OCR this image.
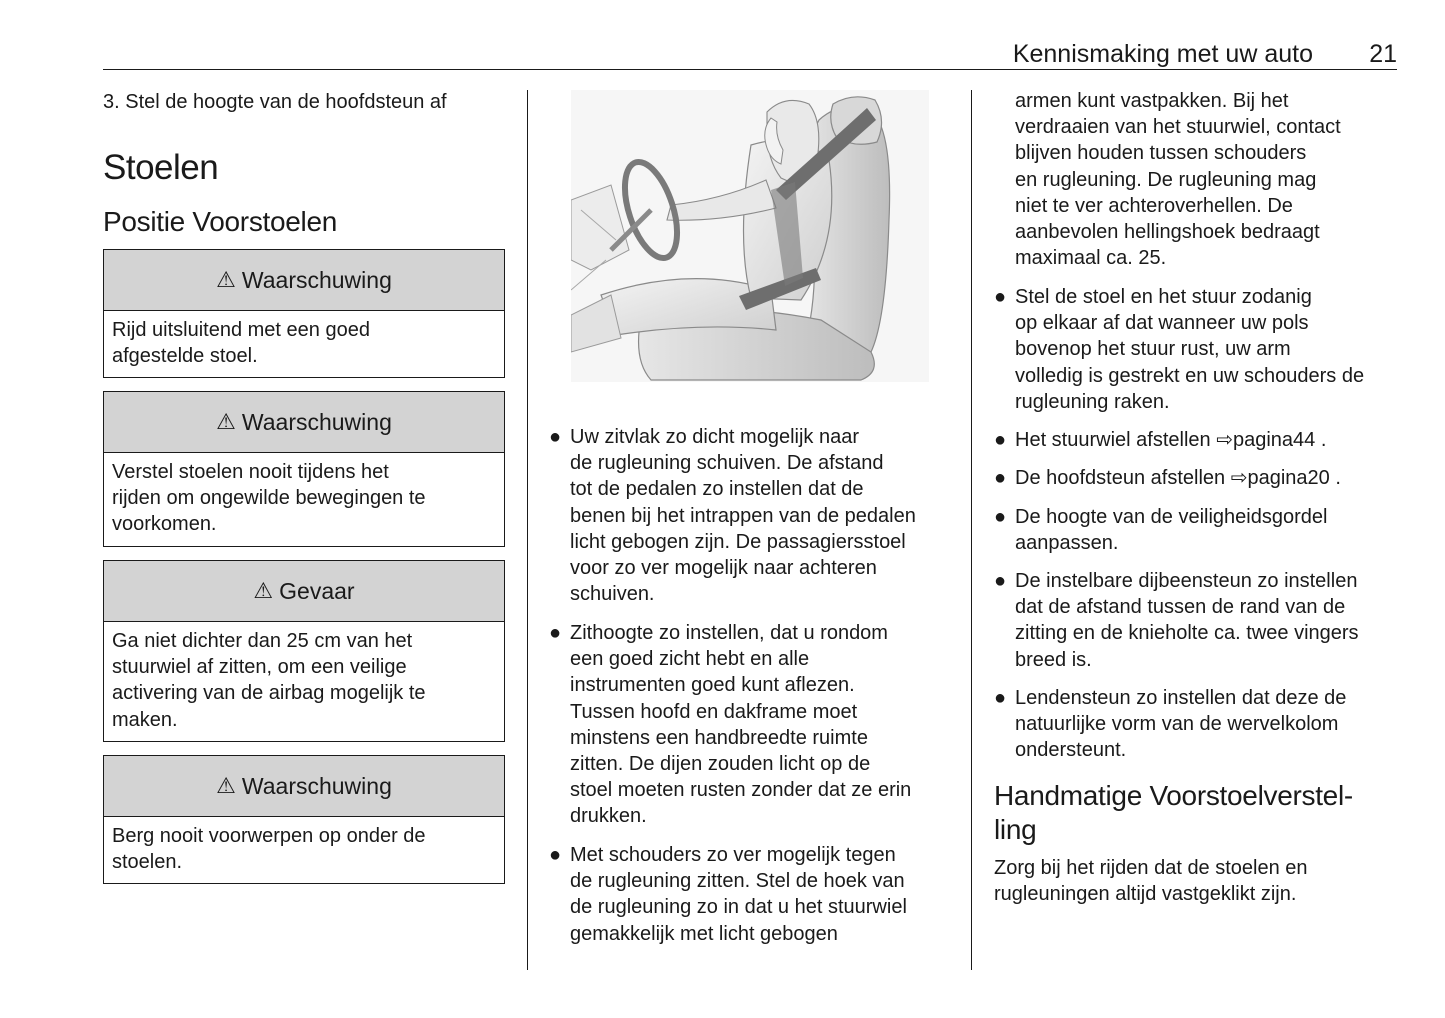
Kennismaking met uw auto 21
3. Stel de hoogte van de hoofdsteun af
Stoelen
Positie Voorstoelen
⚠ Waarschuwing
Rijd uitsluitend met een goed
afgestelde stoel.
⚠ Waarschuwing
Verstel stoelen nooit tijdens het
rijden om ongewilde bewegingen te
voorkomen.
⚠ Gevaar
Ga niet dichter dan 25 cm van het
stuurwiel af zitten, om een veilige
activering van de airbag mogelijk te
maken.
⚠ Waarschuwing
Berg nooit voorwerpen op onder de
stoelen.
● Uw zitvlak zo dicht mogelijk naar
de rugleuning schuiven. De afstand
tot de pedalen zo instellen dat de
benen bij het intrappen van de pedalen
licht gebogen zijn. De passagiersstoel
voor zo ver mogelijk naar achteren
schuiven.
● Zithoogte zo instellen, dat u rondom
een goed zicht hebt en alle
instrumenten goed kunt aflezen.
Tussen hoofd en dakframe moet
minstens een handbreedte ruimte
zitten. De dijen zouden licht op de
stoel moeten rusten zonder dat ze erin
drukken.
● Met schouders zo ver mogelijk tegen
de rugleuning zitten. Stel de hoek van
de rugleuning zo in dat u het stuurwiel
gemakkelijk met licht gebogen
armen kunt vastpakken. Bij het
verdraaien van het stuurwiel, contact
blijven houden tussen schouders
en rugleuning. De rugleuning mag
niet te ver achteroverhellen. De
aanbevolen hellingshoek bedraagt
maximaal ca. 25.
● Stel de stoel en het stuur zodanig
op elkaar af dat wanneer uw pols
bovenop het stuur rust, uw arm
volledig is gestrekt en uw schouders de
rugleuning raken.
● Het stuurwiel afstellen ⇨pagina44 .
● De hoofdsteun afstellen ⇨pagina20 .
● De hoogte van de veiligheidsgordel
aanpassen.
● De instelbare dijbeensteun zo instellen
dat de afstand tussen de rand van de
zitting en de knieholte ca. twee vingers
breed is.
● Lendensteun zo instellen dat deze de
natuurlijke vorm van de wervelkolom
ondersteunt.
Handmatige Voorstoelverstel-
ling
Zorg bij het rijden dat de stoelen en
rugleuningen altijd vastgeklikt zijn.
